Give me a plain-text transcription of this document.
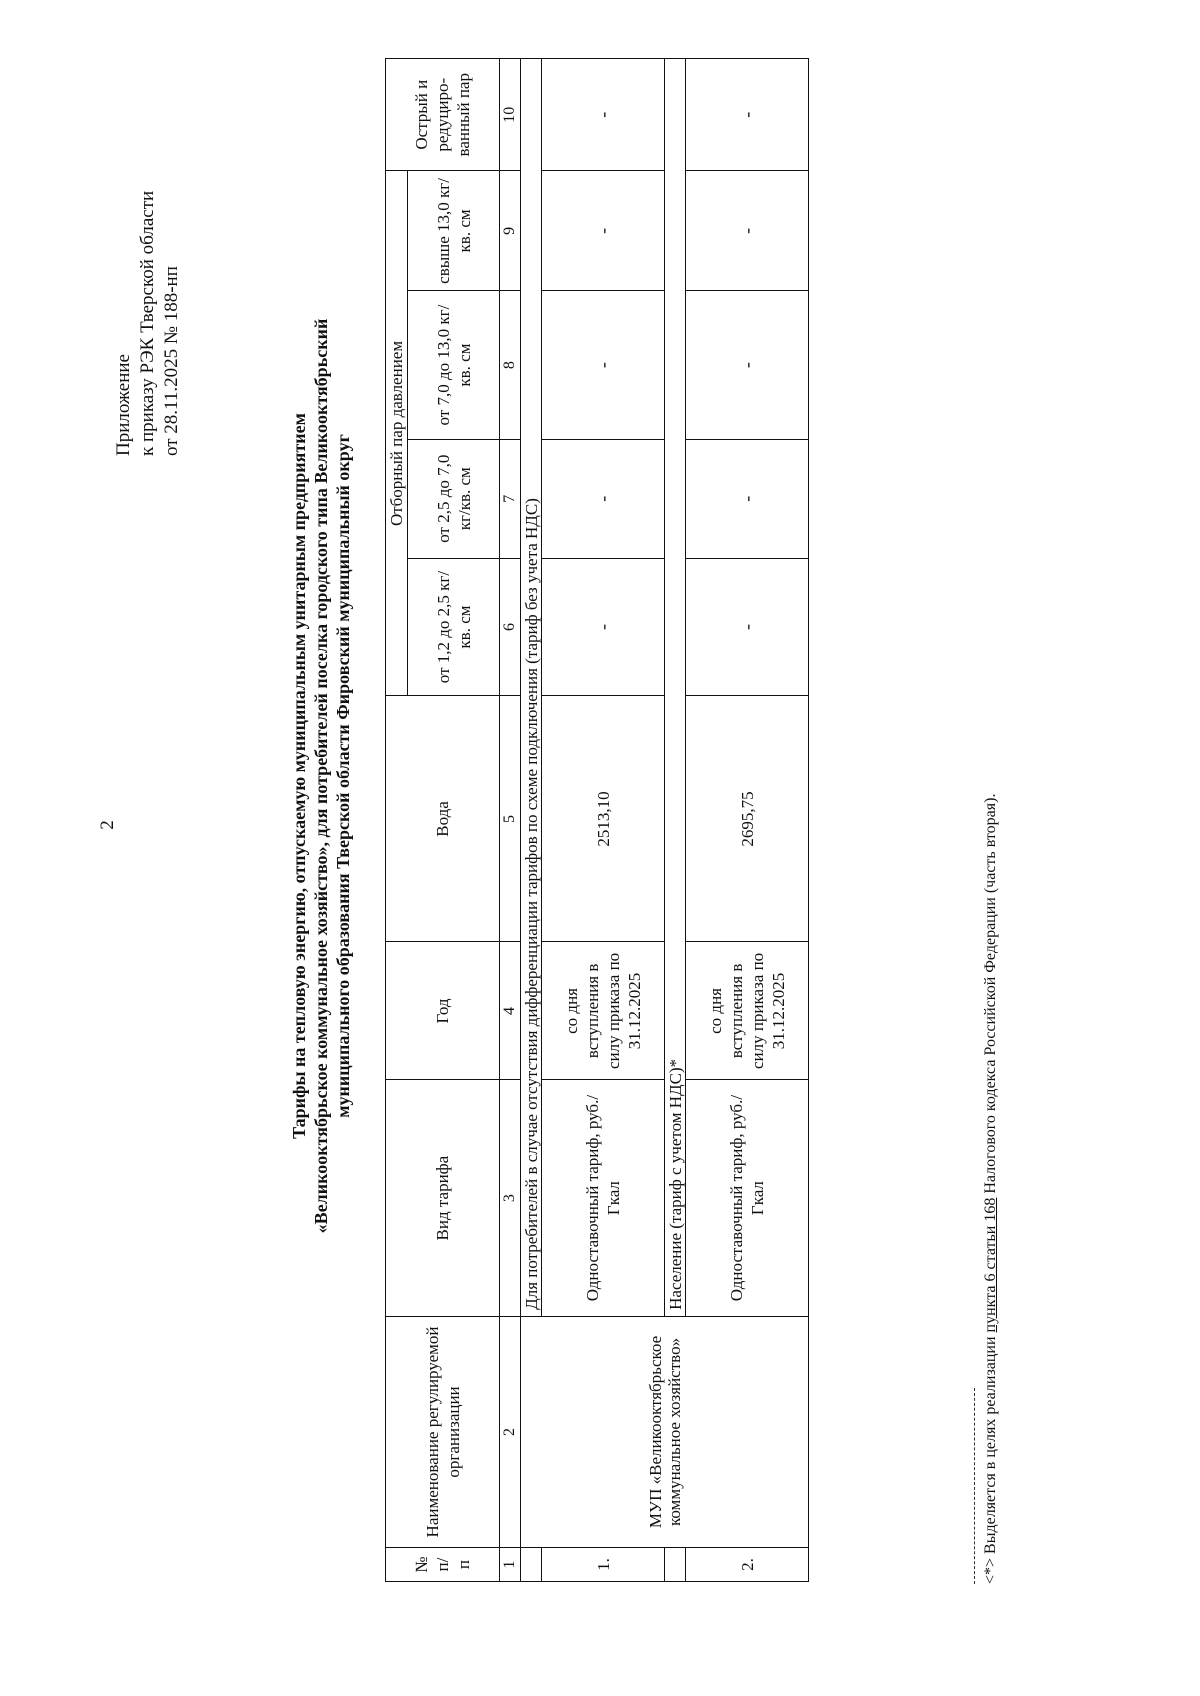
2
Приложение к приказу РЭК Тверской области от 28.11.2025 № 188-нп
Тарифы на тепловую энергию, отпускаемую муниципальным унитарным предприятием «Великооктябрьское коммунальное хозяйство», для потребителей поселка городского типа Великооктябрьский муниципального образования Тверской области Фировский муниципальный округ
№ п/ п	Наименование регулируемой организации	Вид тарифа	Год	Вода	Отборный пар давлением				Острый и редуциро-ванный пар
					от 1,2 до 2,5 кг/кв. см	от 2,5 до 7,0 кг/кв. см	от 7,0 до 13,0 кг/кв. см	свыше 13,0 кг/кв. см	
1	2	3	4	5	6	7	8	9	10
	МУП «Великооктябрьское коммунальное хозяйство»	Для потребителей в случае отсутствия дифференциации тарифов по схеме подключения (тариф без учета НДС)							
1.		Одноставочный тариф, руб./Гкал	со дня вступления в силу приказа по 31.12.2025	2513,10	-	-	-	-	-
		Население (тариф с учетом НДС)*							
2.		Одноставочный тариф, руб./Гкал	со дня вступления в силу приказа по 31.12.2025	2695,75	-	-	-	-	-
<*> Выделяется в целях реализации пункта 6 статьи 168 Налогового кодекса Российской Федерации (часть вторая).
